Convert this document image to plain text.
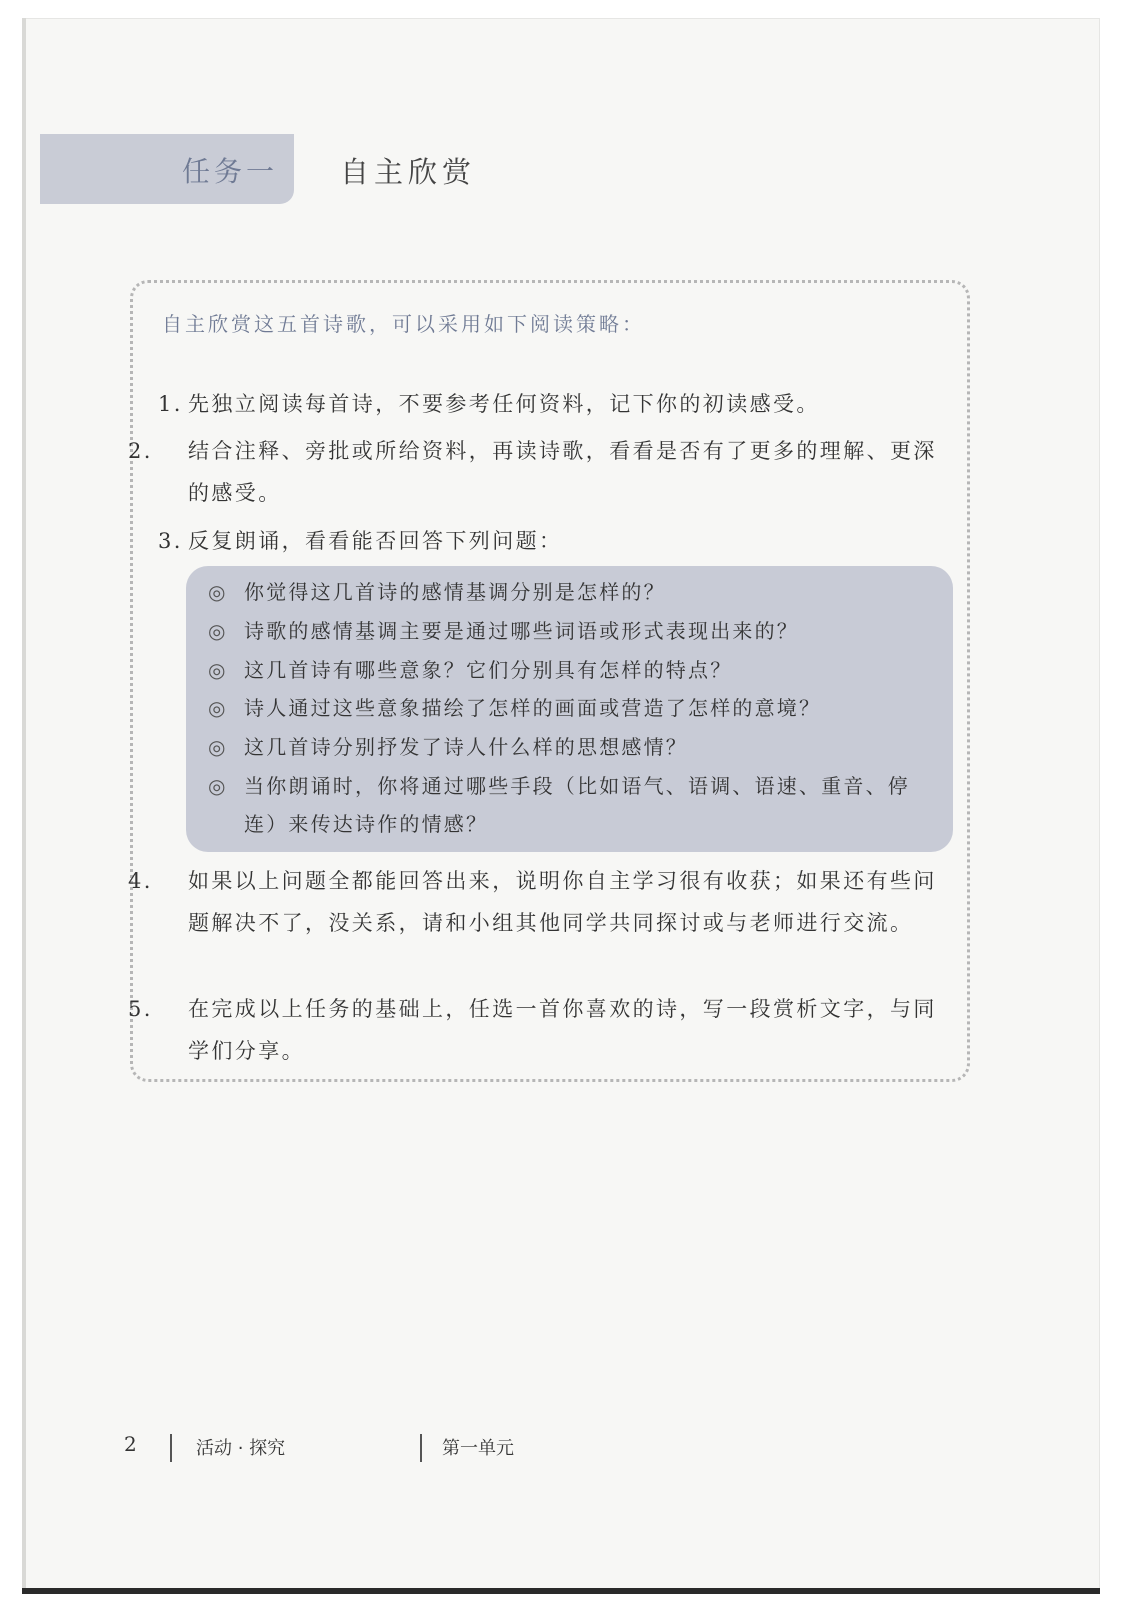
任务一 自主欣赏
自主欣赏这五首诗歌，可以采用如下阅读策略：
1. 先独立阅读每首诗，不要参考任何资料，记下你的初读感受。
2. 结合注释、旁批或所给资料，再读诗歌，看看是否有了更多的理解、更深的感受。
3. 反复朗诵，看看能否回答下列问题：
◎ 你觉得这几首诗的感情基调分别是怎样的？
◎ 诗歌的感情基调主要是通过哪些词语或形式表现出来的？
◎ 这几首诗有哪些意象？它们分别具有怎样的特点？
◎ 诗人通过这些意象描绘了怎样的画面或营造了怎样的意境？
◎ 这几首诗分别抒发了诗人什么样的思想感情？
◎ 当你朗诵时，你将通过哪些手段（比如语气、语调、语速、重音、停连）来传达诗作的情感？
4. 如果以上问题全都能回答出来，说明你自主学习很有收获；如果还有些问题解决不了，没关系，请和小组其他同学共同探讨或与老师进行交流。
5. 在完成以上任务的基础上，任选一首你喜欢的诗，写一段赏析文字，与同学们分享。
2	活动 · 探究	第一单元
